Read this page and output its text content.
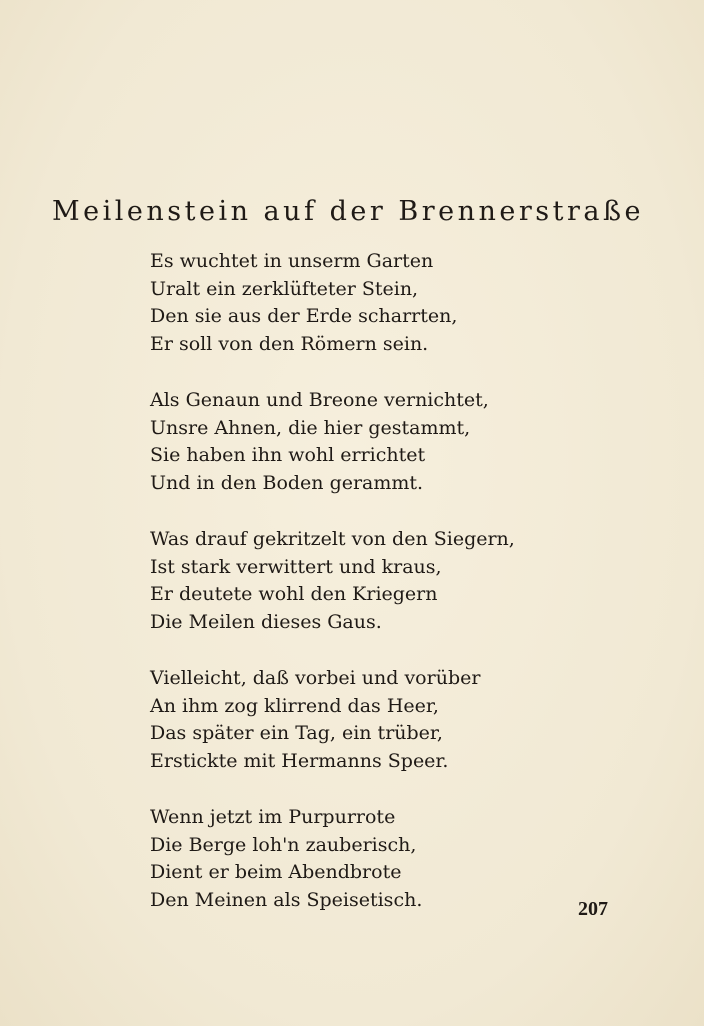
Meilenstein auf der Brennerstraße
Es wuchtet in unserm Garten
Uralt ein zerklüfteter Stein,
Den sie aus der Erde scharrten,
Er soll von den Römern sein.
Als Genaun und Breone vernichtet,
Unsre Ahnen, die hier gestammt,
Sie haben ihn wohl errichtet
Und in den Boden gerammt.
Was drauf gekritzelt von den Siegern,
Ist stark verwittert und kraus,
Er deutete wohl den Kriegern
Die Meilen dieses Gaus.
Vielleicht, daß vorbei und vorüber
An ihm zog klirrend das Heer,
Das später ein Tag, ein trüber,
Erstickte mit Hermanns Speer.
Wenn jetzt im Purpurrote
Die Berge loh'n zauberisch,
Dient er beim Abendbrote
Den Meinen als Speisetisch.	207
